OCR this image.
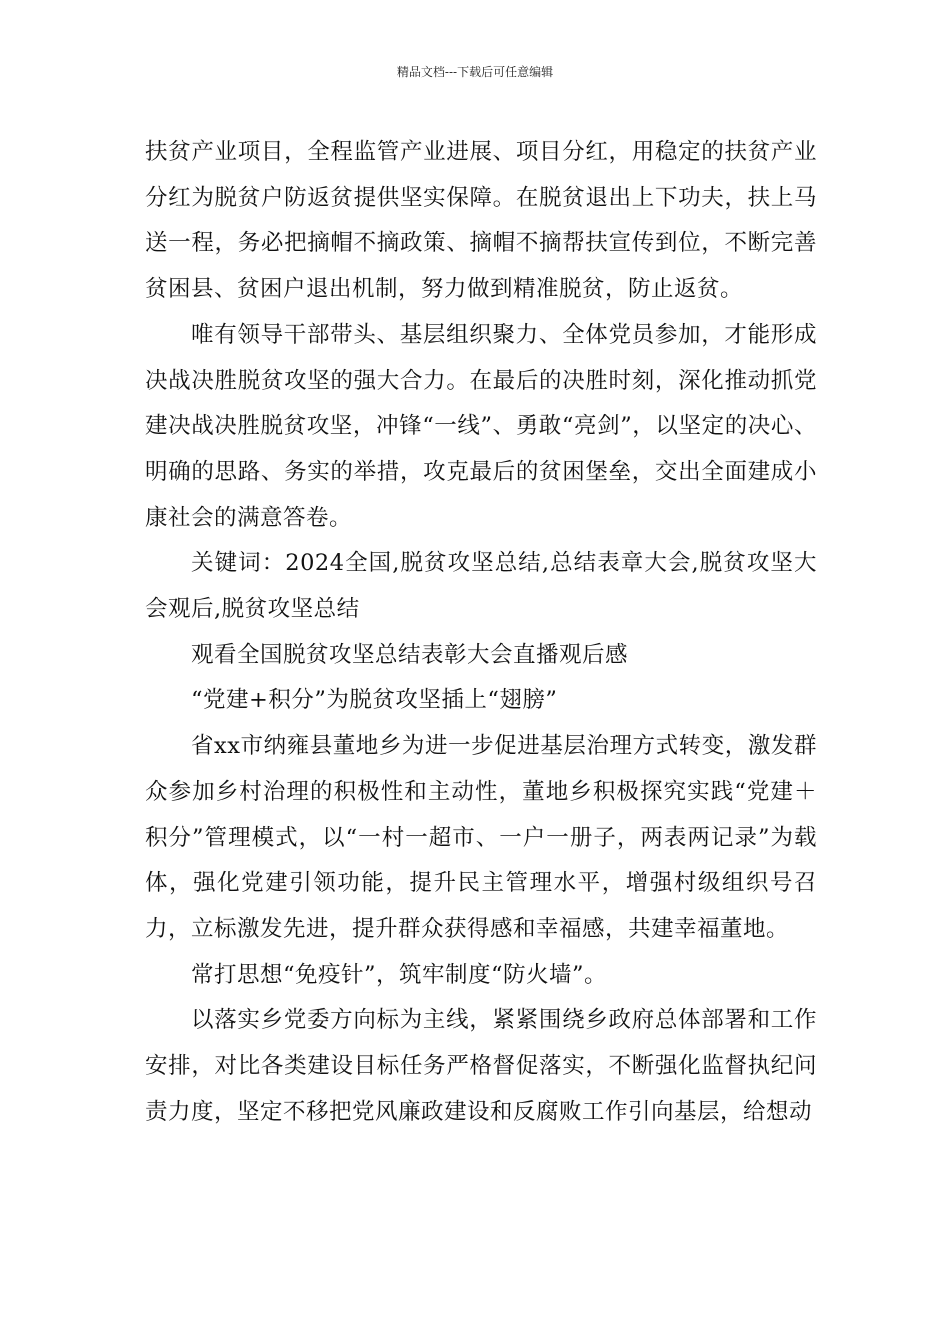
精品文档---下载后可任意编辑

扶贫产业项目，全程监管产业进展、项目分红，用稳定的扶贫产业分红为脱贫户防返贫提供坚实保障。在脱贫退出上下功夫，扶上马送一程，务必把摘帽不摘政策、摘帽不摘帮扶宣传到位，不断完善贫困县、贫困户退出机制，努力做到精准脱贫，防止返贫。

唯有领导干部带头、基层组织聚力、全体党员参加，才能形成决战决胜脱贫攻坚的强大合力。在最后的决胜时刻，深化推动抓党建决战决胜脱贫攻坚，冲锋“一线”、勇敢“亮剑”，以坚定的决心、明确的思路、务实的举措，攻克最后的贫困堡垒，交出全面建成小康社会的满意答卷。

关键词：2024全国,脱贫攻坚总结,总结表章大会,脱贫攻坚大会观后,脱贫攻坚总结

观看全国脱贫攻坚总结表彰大会直播观后感

“党建+积分”为脱贫攻坚插上“翅膀”

省xx市纳雍县董地乡为进一步促进基层治理方式转变，激发群众参加乡村治理的积极性和主动性，董地乡积极探究实践“党建＋积分”管理模式，以“一村一超市、一户一册子，两表两记录”为载体，强化党建引领功能，提升民主管理水平，增强村级组织号召力，立标激发先进，提升群众获得感和幸福感，共建幸福董地。

常打思想“免疫针”，筑牢制度“防火墙”。

以落实乡党委方向标为主线，紧紧围绕乡政府总体部署和工作安排，对比各类建设目标任务严格督促落实，不断强化监督执纪问责力度，坚定不移把党风廉政建设和反腐败工作引向基层，给想动
